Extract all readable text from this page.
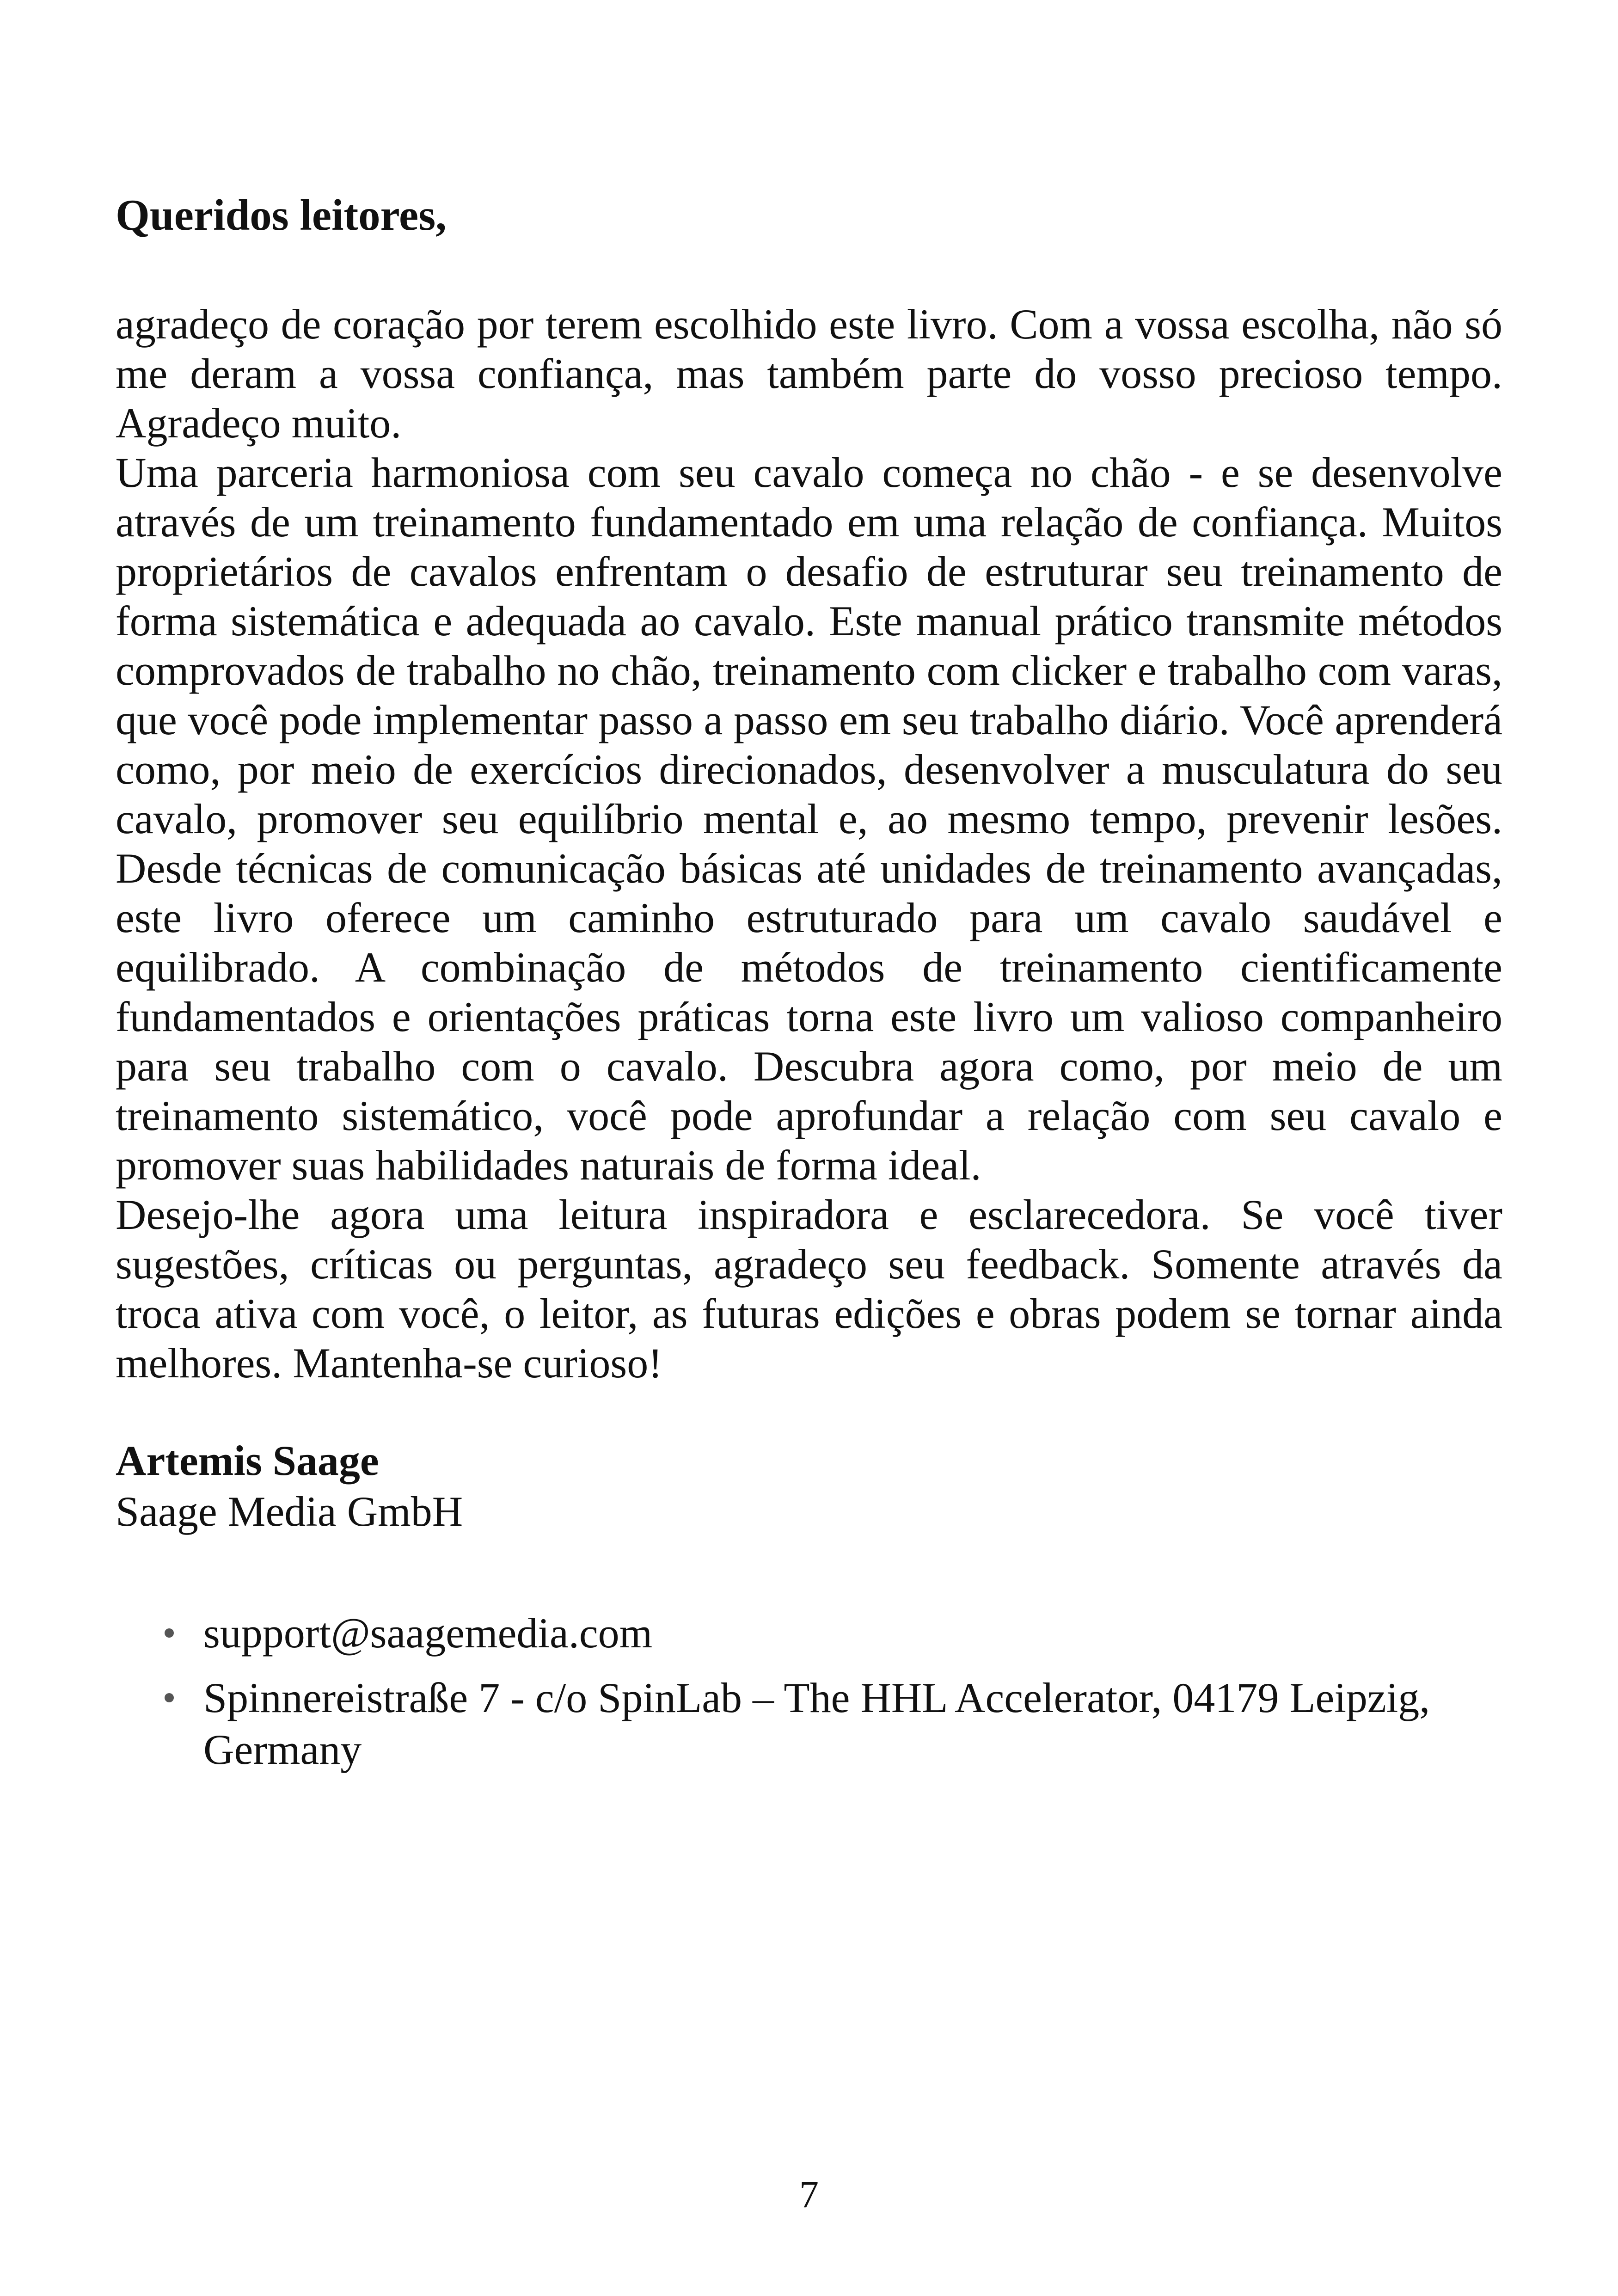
Queridos leitores,

agradeço de coração por terem escolhido este livro. Com a vossa escolha, não só me deram a vossa confiança, mas também parte do vosso precioso tempo. Agradeço muito.

Uma parceria harmoniosa com seu cavalo começa no chão - e se desenvolve através de um treinamento fundamentado em uma relação de confiança. Muitos proprietários de cavalos enfrentam o desafio de estruturar seu treinamento de forma sistemática e adequada ao cavalo. Este manual prático transmite métodos comprovados de trabalho no chão, treinamento com clicker e trabalho com varas, que você pode implementar passo a passo em seu trabalho diário. Você aprenderá como, por meio de exercícios direcionados, desenvolver a musculatura do seu cavalo, promover seu equilíbrio mental e, ao mesmo tempo, prevenir lesões. Desde técnicas de comunicação básicas até unidades de treinamento avançadas, este livro oferece um caminho estruturado para um cavalo saudável e equilibrado. A combinação de métodos de treinamento cientificamente fundamentados e orientações práticas torna este livro um valioso companheiro para seu trabalho com o cavalo. Descubra agora como, por meio de um treinamento sistemático, você pode aprofundar a relação com seu cavalo e promover suas habilidades naturais de forma ideal.

Desejo-lhe agora uma leitura inspiradora e esclarecedora. Se você tiver sugestões, críticas ou perguntas, agradeço seu feedback. Somente através da troca ativa com você, o leitor, as futuras edições e obras podem se tornar ainda melhores. Mantenha-se curioso!

Artemis Saage
Saage Media GmbH
support@saagemedia.com
Spinnereistraße 7 - c/o SpinLab – The HHL Accelerator, 04179 Leipzig, Germany
7
